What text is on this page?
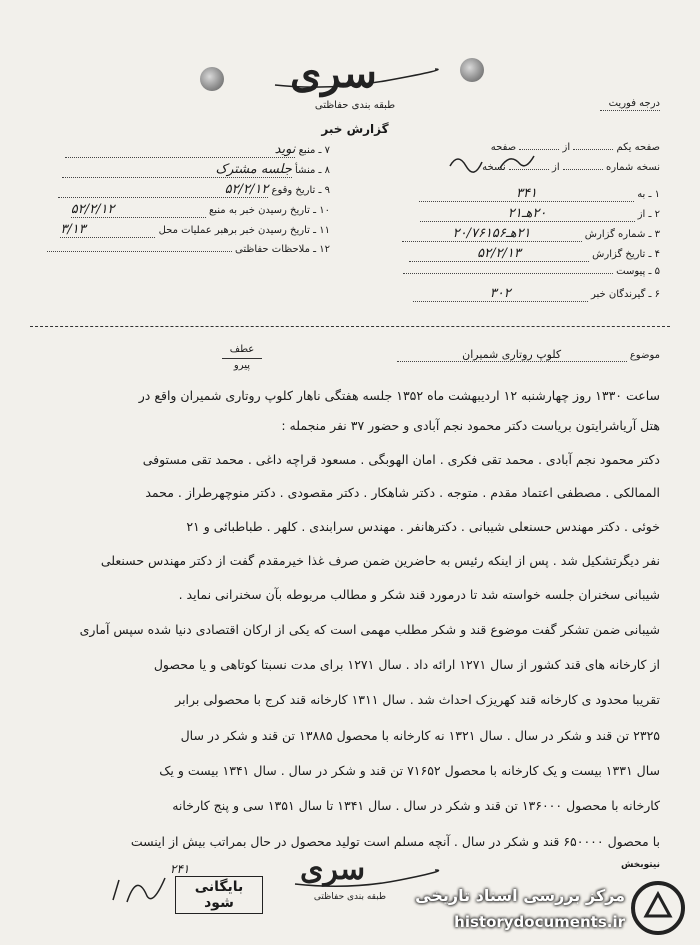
سری
طبقه بندی حفاظتی
گزارش خبر
درجه فوریت
صفحه یکم  از  صفحه
نسخه شماره  از  نسخه
۱ ـ به ۳۴۱
۲ ـ از ۲۰هـ۲۱
۳ ـ شماره گزارش ۲۱هـ۲۰/۷۶۱۵۶
۴ ـ تاریخ گزارش ۵۲/۲/۱۳
۵ ـ پیوست
۶ ـ گیرندگان خبر ۳۰۲
۷ ـ منبع نوید
۸ ـ منشأ جلسه مشترک
۹ ـ تاریخ وقوع ۵۲/۲/۱۲
۱۰ ـ تاریخ رسیدن خبر به منبع ۵۲/۲/۱۲
۱۱ ـ تاریخ رسیدن خبر برهبر عملیات محل ۳/۱۳
۱۲ ـ ملاحظات حفاظتی
عطف
پیرو
موضوع کلوپ روتاری شمیران
ساعت ۱۳۳۰ روز چهارشنبه ۱۲ اردیبهشت ماه ۱۳۵۲ جلسه هفتگی ناهار کلوپ روتاری شمیران واقع در
هتل آریاشرایتون بریاست دکتر محمود نجم آبادی و حضور ۳۷ نفر منجمله :
دکتر محمود نجم آبادی . محمد تقی فکری . امان الهوبگی . مسعود قراچه داغی . محمد تقی مستوفی
الممالکی . مصطفی اعتماد مقدم . متوجه . دکتر شاهکار . دکتر مقصودی . دکتر منوچهرطراز . محمد
خوئی . دکتر مهندس حسنعلی شیبانی . دکترهانفر . مهندس سرابندی . کلهر . طباطبائی و ۲۱
نفر دیگرتشکیل شد . پس از اینکه رئیس به حاضرین ضمن صرف غذا خیرمقدم گفت از دکتر مهندس حسنعلی
شیبانی سخنران جلسه خواسته شد تا درمورد قند شکر و مطالب مربوطه بآن سخنرانی نماید .
شیبانی ضمن تشکر گفت موضوع قند و شکر مطلب مهمی است که یکی از ارکان اقتصادی دنیا شده سپس آماری
از کارخانه های قند کشور از سال ۱۲۷۱ ارائه داد . سال ۱۲۷۱ برای مدت نسبتا کوتاهی و یا محصول
تقریبا محدود ی کارخانه قند کهریزک احداث شد . سال ۱۳۱۱ کارخانه قند کرج با محصولی برابر
۲۳۲۵ تن قند و شکر در سال . سال ۱۳۲۱ نه کارخانه با محصول ۱۳۸۸۵ تن قند و شکر در سال
سال ۱۳۳۱ بیست و یک کارخانه با محصول ۷۱۶۵۲ تن قند و شکر در سال . سال ۱۳۴۱ بیست و یک
کارخانه با محصول ۱۳۶۰۰۰ تن قند و شکر در سال . سال ۱۳۴۱ تا سال ۱۳۵۱ سی و پنج کارخانه
با محصول ۶۵۰۰۰۰ قند و شکر در سال . آنچه مسلم است تولید محصول در حال بمراتب بیش از اینست
سری
طبقه بندی حفاظتی
۲۴۱
بایگانی شود
نیتوبخش
مرکز بررسی اسناد تاریخی
historydocuments.ir
